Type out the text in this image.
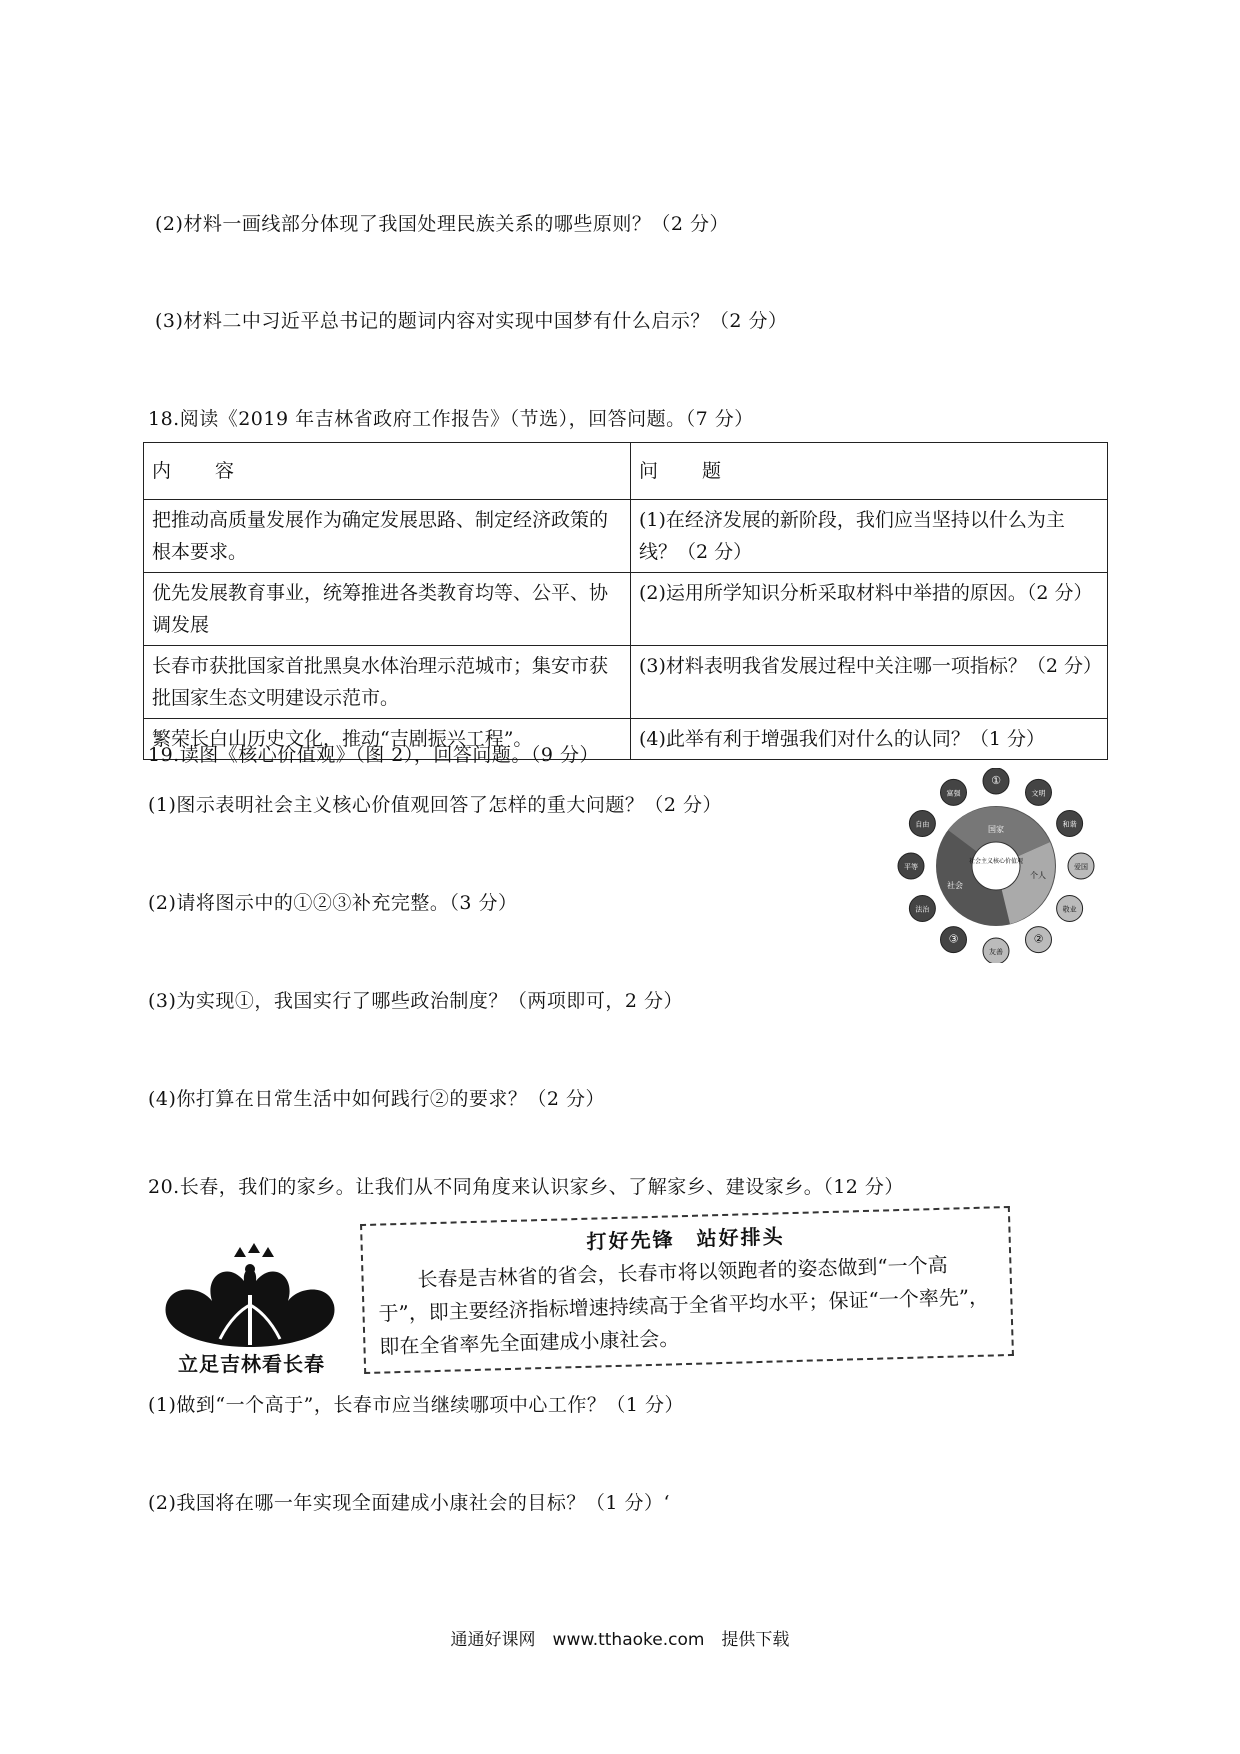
(2)材料一画线部分体现了我国处理民族关系的哪些原则？（2 分）
(3)材料二中习近平总书记的题词内容对实现中国梦有什么启示？（2 分）
18.阅读《2019 年吉林省政府工作报告》（节选），回答问题。（7 分）
内　　容	问　　题
把推动高质量发展作为确定发展思路、制定经济政策的根本要求。	(1)在经济发展的新阶段，我们应当坚持以什么为主线？（2 分）
优先发展教育事业，统筹推进各类教育均等、公平、协调发展	(2)运用所学知识分析采取材料中举措的原因。（2 分）
长春市获批国家首批黑臭水体治理示范城市；集安市获批国家生态文明建设示范市。	(3)材料表明我省发展过程中关注哪一项指标？（2 分）
繁荣长白山历史文化，推动“吉剧振兴工程”。	(4)此举有利于增强我们对什么的认同？（1 分）
19.读图《核心价值观》（图 2），回答问题。（9 分）
(1)图示表明社会主义核心价值观回答了怎样的重大问题？（2 分）
(2)请将图示中的①②③补充完整。（3 分）
(3)为实现①，我国实行了哪些政治制度？（两项即可，2 分）
(4)你打算在日常生活中如何践行②的要求？（2 分）
社会主义核心价值观
国家
社会
个人
①
文明
和谐
爱国
敬业
②
友善
③
法治
平等
自由
富强
20.长春，我们的家乡。让我们从不同角度来认识家乡、了解家乡、建设家乡。（12 分）
立足吉林看长春
打好先锋　站好排头
长春是吉林省的省会，长春市将以领跑者的姿态做到“一个高于”，即主要经济指标增速持续高于全省平均水平；保证“一个率先”，即在全省率先全面建成小康社会。
(1)做到“一个高于”，长春市应当继续哪项中心工作？（1 分）
(2)我国将在哪一年实现全面建成小康社会的目标？（1 分）‘
通通好课网　www.tthaoke.com　提供下载
